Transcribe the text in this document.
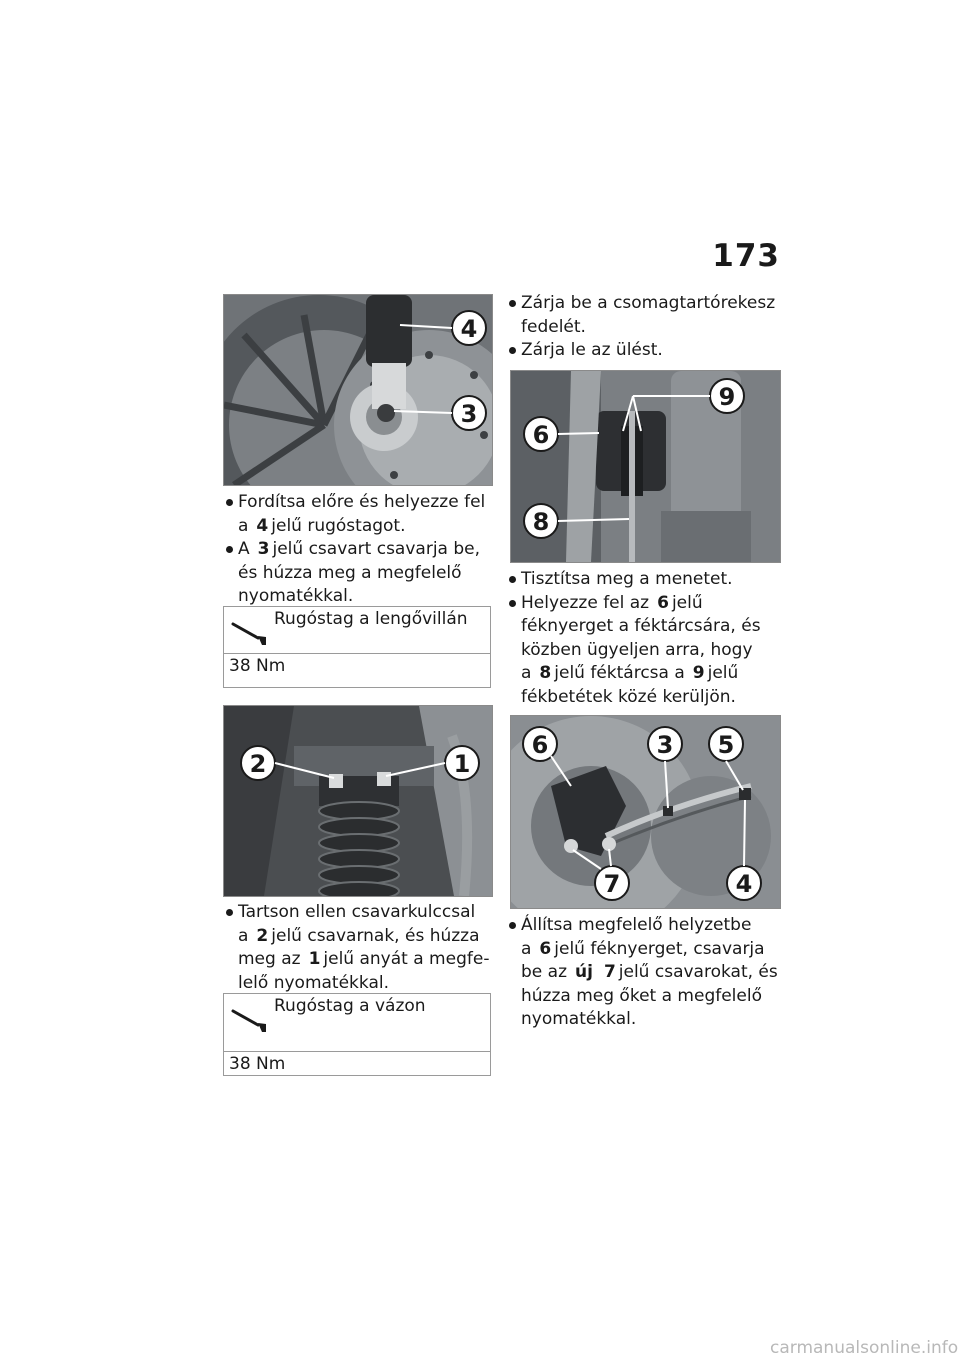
173
4
3
Fordítsa előre és helyezze fel a 4 jelű rugóstagot.
A 3 jelű csavart csavarja be, és húzza meg a megfelelő nyomatékkal.
Rugóstag a lengővillán
38 Nm
2	1
Tartson ellen csavarkulccsal a 2 jelű csavarnak, és húzza meg az 1 jelű anyát a megfelelő nyomatékkal.
Rugóstag a vázon
38 Nm
Zárja be a csomagtartórekesz fedelét.
Zárja le az ülést.
9
6
8
Tisztítsa meg a menetet.
Helyezze fel az 6 jelű féknyerget a féktárcsára, és közben ügyeljen arra, hogy a 8 jelű féktárcsa a 9 jelű fékbetétek közé kerüljön.
6	3 5
7	4
Állítsa megfelelő helyzetbe a 6 jelű féknyerget, csavarja be az új 7 jelű csavarokat, és húzza meg őket a megfelelő nyomatékkal.
carmanualsonline.info
